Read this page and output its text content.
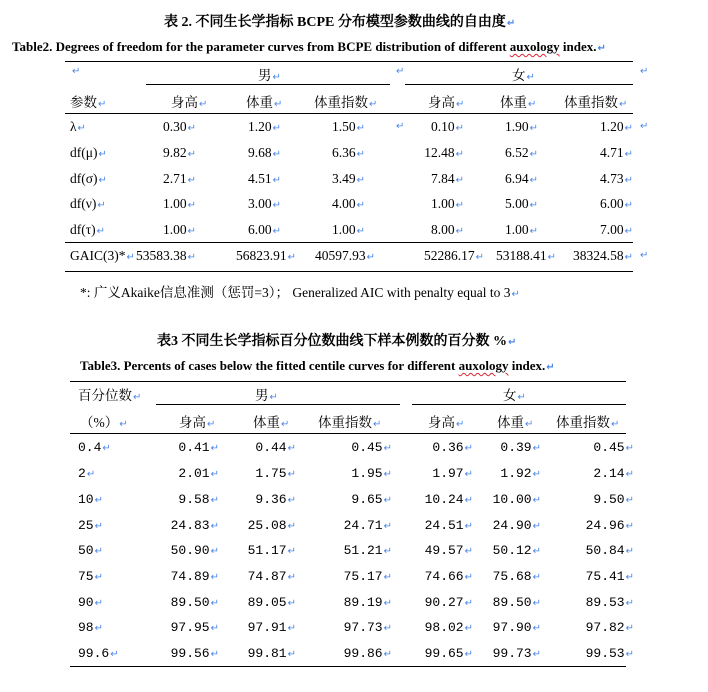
表 2. 不同生长学指标 BCPE 分布模型参数曲线的自由度↵
Table2. Degrees of freedom for the parameter curves from BCPE distribution of different auxology index.↵
↵	男↵
↵	女↵
↵
参数↵	身高↵	体重↵ 体重指数↵	身高↵	体重↵ 体重指数↵
λ↵	0.30↵	1.20↵	1.50↵	↵ 0.10↵	1.90↵	1.20↵ ↵
df(μ)↵	9.82↵	9.68↵	6.36↵	12.48↵	6.52↵	4.71↵
df(σ)↵	2.71↵	4.51↵	3.49↵	7.84↵	6.94↵	4.73↵
df(ν)↵	1.00↵	3.00↵	4.00↵	1.00↵	5.00↵	6.00↵
df(τ)↵	1.00↵	6.00↵	1.00↵	8.00↵	1.00↵	7.00↵
GAIC(3)*↵ 53583.38↵	56823.91↵ 40597.93↵	52286.17↵ 53188.41↵ 38324.58↵ ↵
*: 广义Akaike信息准测（惩罚=3）； Generalized AIC with penalty equal to 3↵
表3 不同生长学指标百分位数曲线下样本例数的百分数 %↵
Table3. Percents of cases below the fitted centile curves for different auxology index.↵
百分位数↵	男↵	女↵
（%）↵	身高↵	体重↵ 体重指数↵	身高↵ 体重↵ 体重指数↵
0.4↵	0.41↵	0.44↵	0.45↵	0.36↵ 0.39↵	0.45↵
2↵	2.01↵	1.75↵	1.95↵	1.97↵ 1.92↵	2.14↵
10↵	9.58↵	9.36↵	9.65↵	10.24↵ 10.00↵	9.50↵
25↵	24.83↵ 25.08↵	24.71↵	24.51↵ 24.90↵	24.96↵
50↵	50.90↵ 51.17↵	51.21↵	49.57↵ 50.12↵	50.84↵
75↵	74.89↵ 74.87↵	75.17↵	74.66↵ 75.68↵	75.41↵
90↵	89.50↵ 89.05↵	89.19↵	90.27↵ 89.50↵	89.53↵
98↵	97.95↵ 97.91↵	97.73↵	98.02↵ 97.90↵	97.82↵
99.6↵	99.56↵ 99.81↵	99.86↵	99.65↵ 99.73↵	99.53↵
